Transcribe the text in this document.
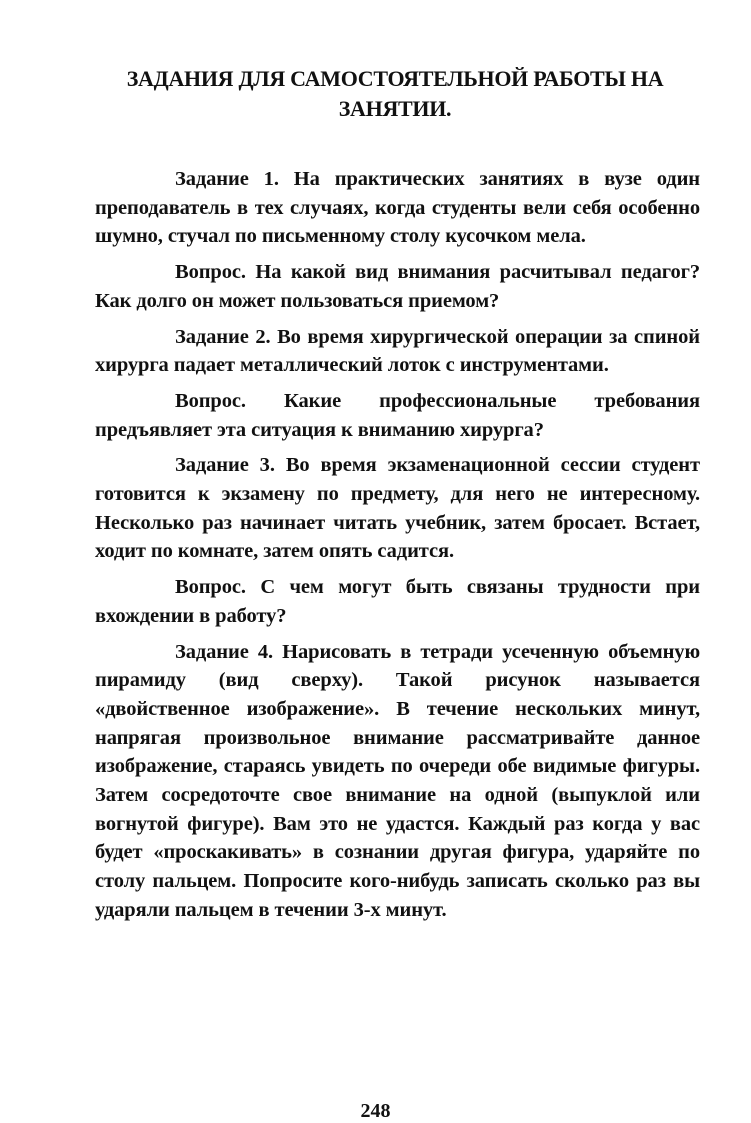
ЗАДАНИЯ ДЛЯ САМОСТОЯТЕЛЬНОЙ РАБОТЫ НА
ЗАНЯТИИ.

Задание 1. На практических занятиях в вузе один преподаватель в тех случаях, когда студенты вели себя особенно шумно, стучал по письменному столу кусочком мела.

Вопрос. На какой вид внимания расчитывал педагог? Как долго он может пользоваться приемом?

Задание 2. Во время хирургической операции за спиной хирурга падает металлический лоток с инструментами.

Вопрос. Какие профессиональные требования предъявляет эта ситуация к вниманию хирурга?

Задание 3. Во время экзаменационной сессии студент готовится к экзамену по предмету, для него не интересному. Несколько раз начинает читать учебник, затем бросает. Встает, ходит по комнате, затем опять садится.

Вопрос. С чем могут быть связаны трудности при вхождении в работу?

Задание 4. Нарисовать в тетради усеченную объемную пирамиду (вид сверху). Такой рисунок называется «двойственное изображение». В течение нескольких минут, напрягая произвольное внимание рассматривайте данное изображение, стараясь увидеть по очереди обе видимые фигуры. Затем сосредоточте свое внимание на одной (выпуклой или вогнутой фигуре). Вам это не удастся. Каждый раз когда у вас будет «проскакивать» в сознании другая фигура, ударяйте по столу пальцем. Попросите кого-нибудь записать сколько раз вы ударяли пальцем в течении 3-х минут.

248
